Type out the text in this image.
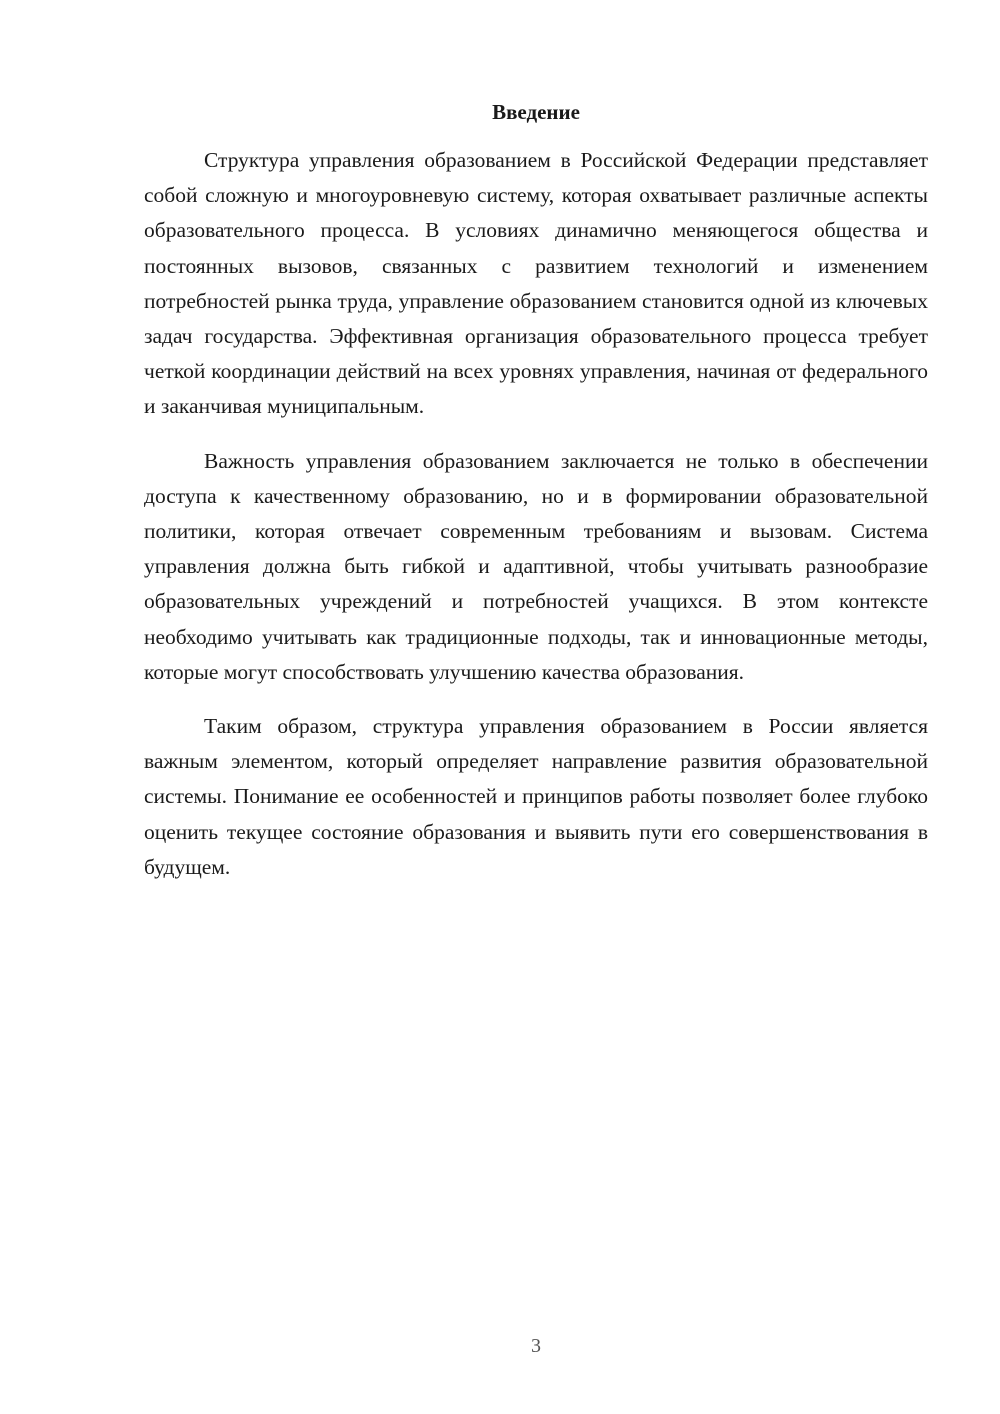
Введение

Структура управления образованием в Российской Федерации представляет собой сложную и многоуровневую систему, которая охватывает различные аспекты образовательного процесса. В условиях динамично меняющегося общества и постоянных вызовов, связанных с развитием технологий и изменением потребностей рынка труда, управление образованием становится одной из ключевых задач государства. Эффективная организация образовательного процесса требует четкой координации действий на всех уровнях управления, начиная от федерального и заканчивая муниципальным.

Важность управления образованием заключается не только в обеспечении доступа к качественному образованию, но и в формировании образовательной политики, которая отвечает современным требованиям и вызовам. Система управления должна быть гибкой и адаптивной, чтобы учитывать разнообразие образовательных учреждений и потребностей учащихся. В этом контексте необходимо учитывать как традиционные подходы, так и инновационные методы, которые могут способствовать улучшению качества образования.

Таким образом, структура управления образованием в России является важным элементом, который определяет направление развития образовательной системы. Понимание ее особенностей и принципов работы позволяет более глубоко оценить текущее состояние образования и выявить пути его совершенствования в будущем.

3
